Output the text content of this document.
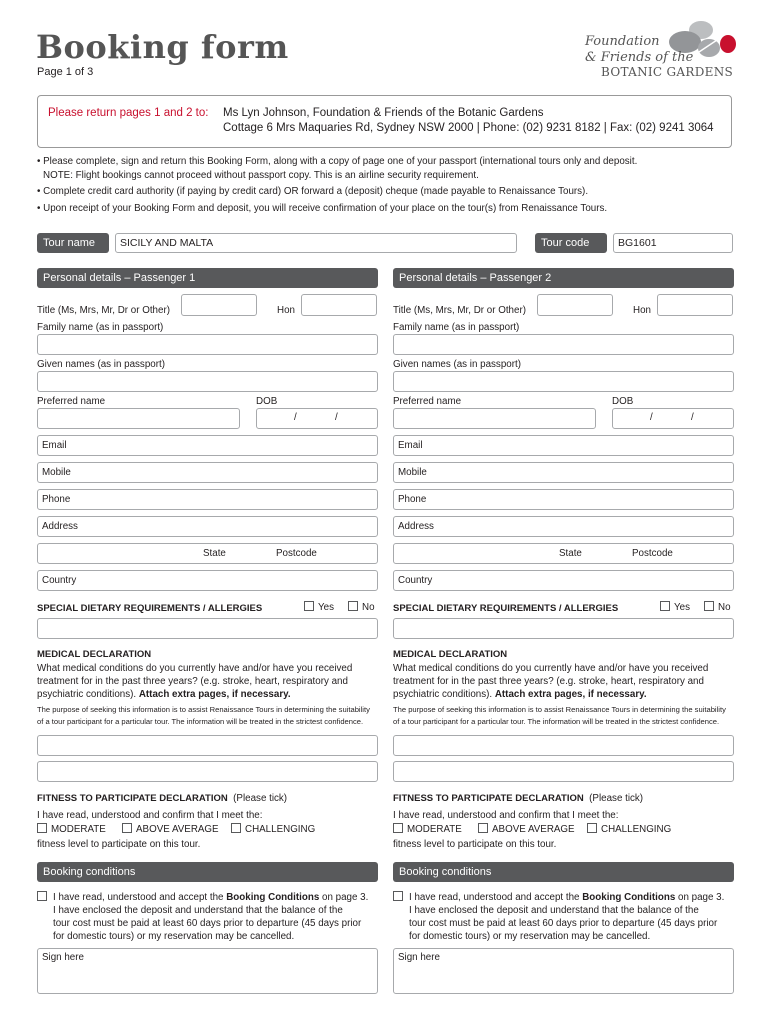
Booking form
Page 1 of 3
Foundation
& Friends of the
BOTANIC GARDENS
Please return pages 1 and 2 to: Ms Lyn Johnson, Foundation & Friends of the Botanic Gardens
Cottage 6 Mrs Maquaries Rd, Sydney NSW 2000 | Phone: (02) 9231 8182 | Fax: (02) 9241 3064

• Please complete, sign and return this Booking Form, along with a copy of page one of your passport (international tours only and deposit.

NOTE: Flight bookings cannot proceed without passport copy. This is an airline security requirement.

• Complete credit card authority (if paying by credit card) OR forward a (deposit) cheque (made payable to Renaissance Tours).

• Upon receipt of your Booking Form and deposit, you will receive confirmation of your place on the tour(s) from Renaissance Tours.

Tour name	SICILY AND MALTA	Tour code	BG1601
Personal details – Passenger 1
Title (Ms, Mrs, Mr, Dr or Other)	Hon
Family name (as in passport)
Given names (as in passport)
Preferred name	DOB
/	/
Email
Mobile
Phone
Address
State	Postcode
Country
SPECIAL DIETARY REQUIREMENTS / ALLERGIES	Yes	No
MEDICAL DECLARATION
What medical conditions do you currently have and/or have you received
treatment for in the past three years? (e.g. stroke, heart, respiratory and
psychiatric conditions). Attach extra pages, if necessary.
The purpose of seeking this information is to assist Renaissance Tours in determining the suitability
of a tour participant for a particular tour. The information will be treated in the strictest confidence.
FITNESS TO PARTICIPATE DECLARATION (Please tick)
I have read, understood and confirm that I meet the:
MODERATE	ABOVE AVERAGE	CHALLENGING
fitness level to participate on this tour.
Booking conditions
I have read, understood and accept the Booking Conditions on page 3.
I have enclosed the deposit and understand that the balance of the
tour cost must be paid at least 60 days prior to departure (45 days prior
for domestic tours) or my reservation may be cancelled.
Sign here
Personal details – Passenger 2
Title (Ms, Mrs, Mr, Dr or Other)	Hon
Family name (as in passport)
Given names (as in passport)
Preferred name	DOB
/	/
Email
Mobile
Phone
Address
State	Postcode
Country
SPECIAL DIETARY REQUIREMENTS / ALLERGIES	Yes	No
MEDICAL DECLARATION
What medical conditions do you currently have and/or have you received
treatment for in the past three years? (e.g. stroke, heart, respiratory and
psychiatric conditions). Attach extra pages, if necessary.
The purpose of seeking this information is to assist Renaissance Tours in determining the suitability
of a tour participant for a particular tour. The information will be treated in the strictest confidence.
FITNESS TO PARTICIPATE DECLARATION (Please tick)
I have read, understood and confirm that I meet the:
MODERATE	ABOVE AVERAGE	CHALLENGING
fitness level to participate on this tour.
Booking conditions
I have read, understood and accept the Booking Conditions on page 3.
I have enclosed the deposit and understand that the balance of the
tour cost must be paid at least 60 days prior to departure (45 days prior
for domestic tours) or my reservation may be cancelled.
Sign here
